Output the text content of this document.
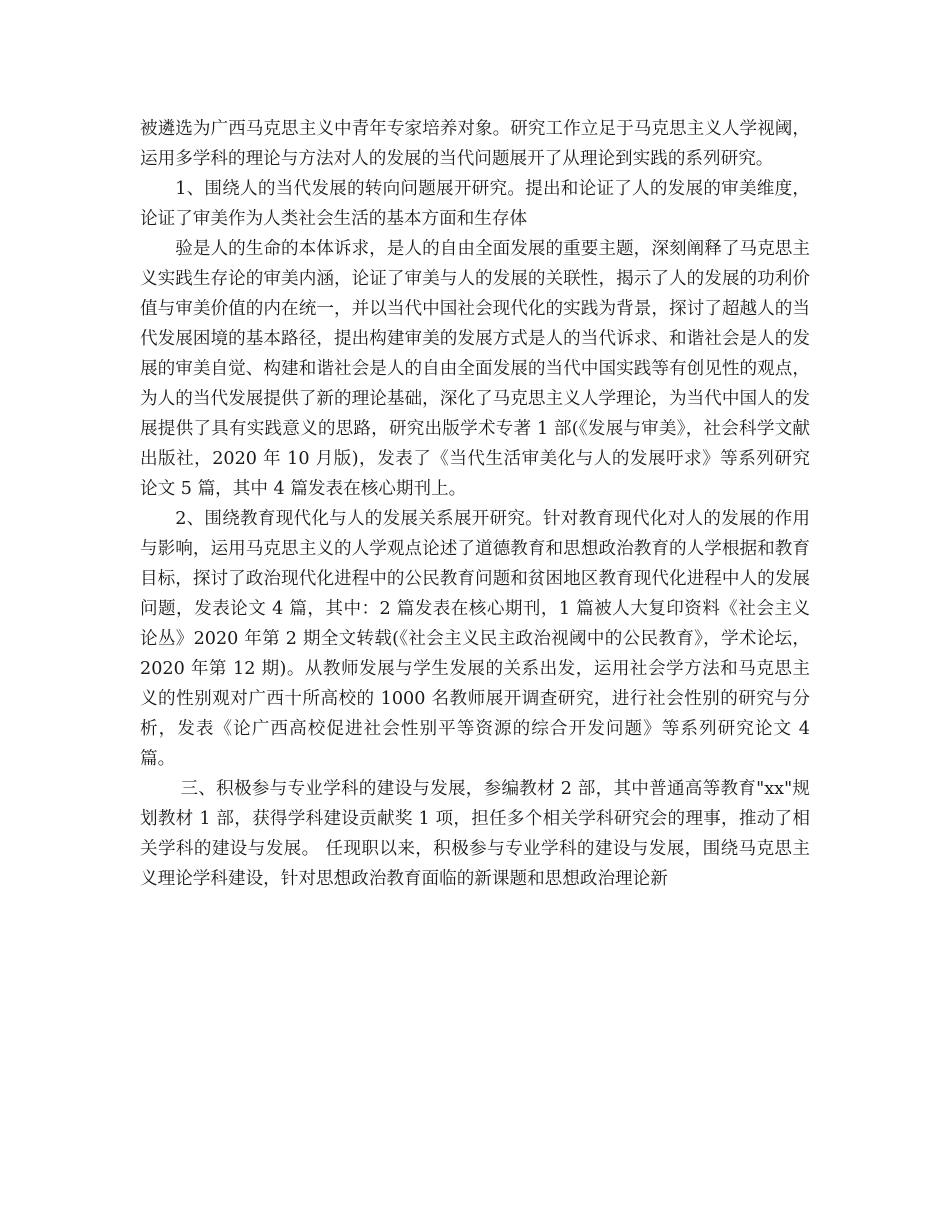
被遴选为广西马克思主义中青年专家培养对象。研究工作立足于马克思主义人学视阈，运用多学科的理论与方法对人的发展的当代问题展开了从理论到实践的系列研究。

1、围绕人的当代发展的转向问题展开研究。提出和论证了人的发展的审美维度，论证了审美作为人类社会生活的基本方面和生存体

验是人的生命的本体诉求，是人的自由全面发展的重要主题，深刻阐释了马克思主义实践生存论的审美内涵，论证了审美与人的发展的关联性，揭示了人的发展的功利价值与审美价值的内在统一，并以当代中国社会现代化的实践为背景，探讨了超越人的当代发展困境的基本路径，提出构建审美的发展方式是人的当代诉求、和谐社会是人的发展的审美自觉、构建和谐社会是人的自由全面发展的当代中国实践等有创见性的观点，为人的当代发展提供了新的理论基础，深化了马克思主义人学理论，为当代中国人的发展提供了具有实践意义的思路，研究出版学术专著 1 部(《发展与审美》，社会科学文献出版社，2020 年 10 月版)，发表了《当代生活审美化与人的发展吁求》等系列研究论文 5 篇，其中 4 篇发表在核心期刊上。

2、围绕教育现代化与人的发展关系展开研究。针对教育现代化对人的发展的作用与影响，运用马克思主义的人学观点论述了道德教育和思想政治教育的人学根据和教育目标，探讨了政治现代化进程中的公民教育问题和贫困地区教育现代化进程中人的发展问题，发表论文 4 篇，其中：2 篇发表在核心期刊，1 篇被人大复印资料《社会主义论丛》2020 年第 2 期全文转载(《社会主义民主政治视阈中的公民教育》，学术论坛，2020 年第 12 期)。从教师发展与学生发展的关系出发，运用社会学方法和马克思主义的性别观对广西十所高校的 1000 名教师展开调查研究，进行社会性别的研究与分析，发表《论广西高校促进社会性别平等资源的综合开发问题》等系列研究论文 4 篇。

三、积极参与专业学科的建设与发展，参编教材 2 部，其中普通高等教育"xx"规划教材 1 部，获得学科建设贡献奖 1 项，担任多个相关学科研究会的理事，推动了相关学科的建设与发展。 任现职以来，积极参与专业学科的建设与发展，围绕马克思主义理论学科建设，针对思想政治教育面临的新课题和思想政治理论新
